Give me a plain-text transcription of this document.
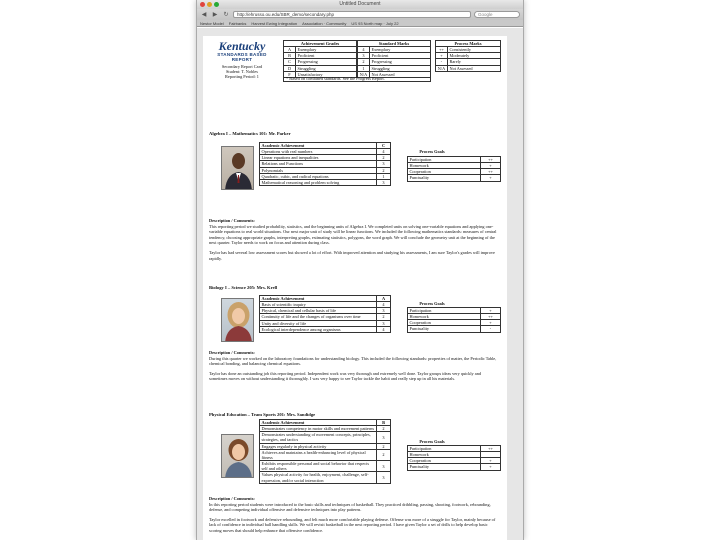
Untitled Document
◀ ▶ ↻	http://ehrusso.ou.edu/SBR_demo/secondary.php	Google
Nestor Model Fairbanks Harvest Ewing Integration Association · Community US 93 North map · July 22
Kentucky
STANDARDS BASED REPORT
Secondary Report Card
Student: T. Nobles
Reporting Period: 1
Achievement Grades	
A	Exemplary
B	Proficient
C	Progressing
D	Struggling
F	Unsatisfactory
Standard Marks	
4	Exemplary
3	Proficient
2	Progressing
1	Struggling
N/A	Not Assessed
Process Marks	
++	Consistently
+	Moderately
-	Rarely
N/A	Not Assessed
* Based on combined standards. See the Progress Report.
Algebra I – Mathematics 101: Mr. Parker
Academic Achievement	C
Operations with real numbers	4
Linear equations and inequalities	2
Relations and Functions	3
Polynomials	2
Quadratic, cubic, and radical equations	1
Mathematical reasoning and problem solving	3
Process Goals
Participation	++
Homework	+
Cooperation	++
Punctuality	+
Description / Comments:

This reporting period we studied probability, statistics, and the beginning units of Algebra I. We completed units on solving one-variable equations and applying one-variable equations to real world situations. Our next major unit of study will be linear functions. We included the following mathematics standards: measures of central tendency, choosing appropriate graphs, interpreting graphs, estimating statistics, polygons, the word graph. We will conclude the geometry unit at the beginning of the next quarter. Taylor needs to work on focus and attention during class.

Taylor has had several low assessment scores but showed a lot of effort. With improved attention and studying his assessments, I am sure Taylor's grades will improve rapidly.

Biology I – Science 205: Mrs. Krell
Academic Achievement	A
Basis of scientific inquiry	4
Physical, chemical and cellular basis of life	3
Continuity of life and the changes of organisms over time	2
Unity and diversity of life	3
Ecological interdependence among organisms	4
Process Goals
Participation	+
Homework	++
Cooperation	+
Punctuality	-
Description / Comments:

During this quarter we worked on the laboratory foundations for understanding biology. This included the following standards: properties of matter, the Periodic Table, chemical bonding, and balancing chemical equations.

Taylor has done an outstanding job this reporting period. Independent work was very thorough and extremely well done. Taylor groups ideas very quickly and sometimes moves on without understanding it thoroughly. I was very happy to see Taylor tackle the habit and really step up in all his materials.

Physical Education – Team Sports 201: Mrs. Sandidge
Academic Achievement	B
Demonstrates competency in motor skills and movement patterns	2
Demonstrates understanding of movement concepts, principles, strategies, and tactics	3
Engages regularly in physical activity	2
Achieves and maintains a health-enhancing level of physical fitness	2
Exhibits responsible personal and social behavior that respects self and others	3
Values physical activity for health, enjoyment, challenge, self-expression, and/or social interaction	3
Process Goals
Participation	++
Homework	
Cooperation	+
Punctuality	+
Description / Comments:

In this reporting period students were introduced to the basic skills and techniques of basketball. They practiced dribbling, passing, shooting, footwork, rebounding, defense, and competing individual offensive and defensive techniques into play patterns.

Taylor excelled in footwork and defensive rebounding, and felt much more comfortable playing defense. Offense was more of a struggle for Taylor, mainly because of lack of confidence in individual ball handling skills. We will revisit basketball in the next reporting period. I have given Taylor a set of drills to help develop basic scoring moves that should help enhance that offensive confidence.
